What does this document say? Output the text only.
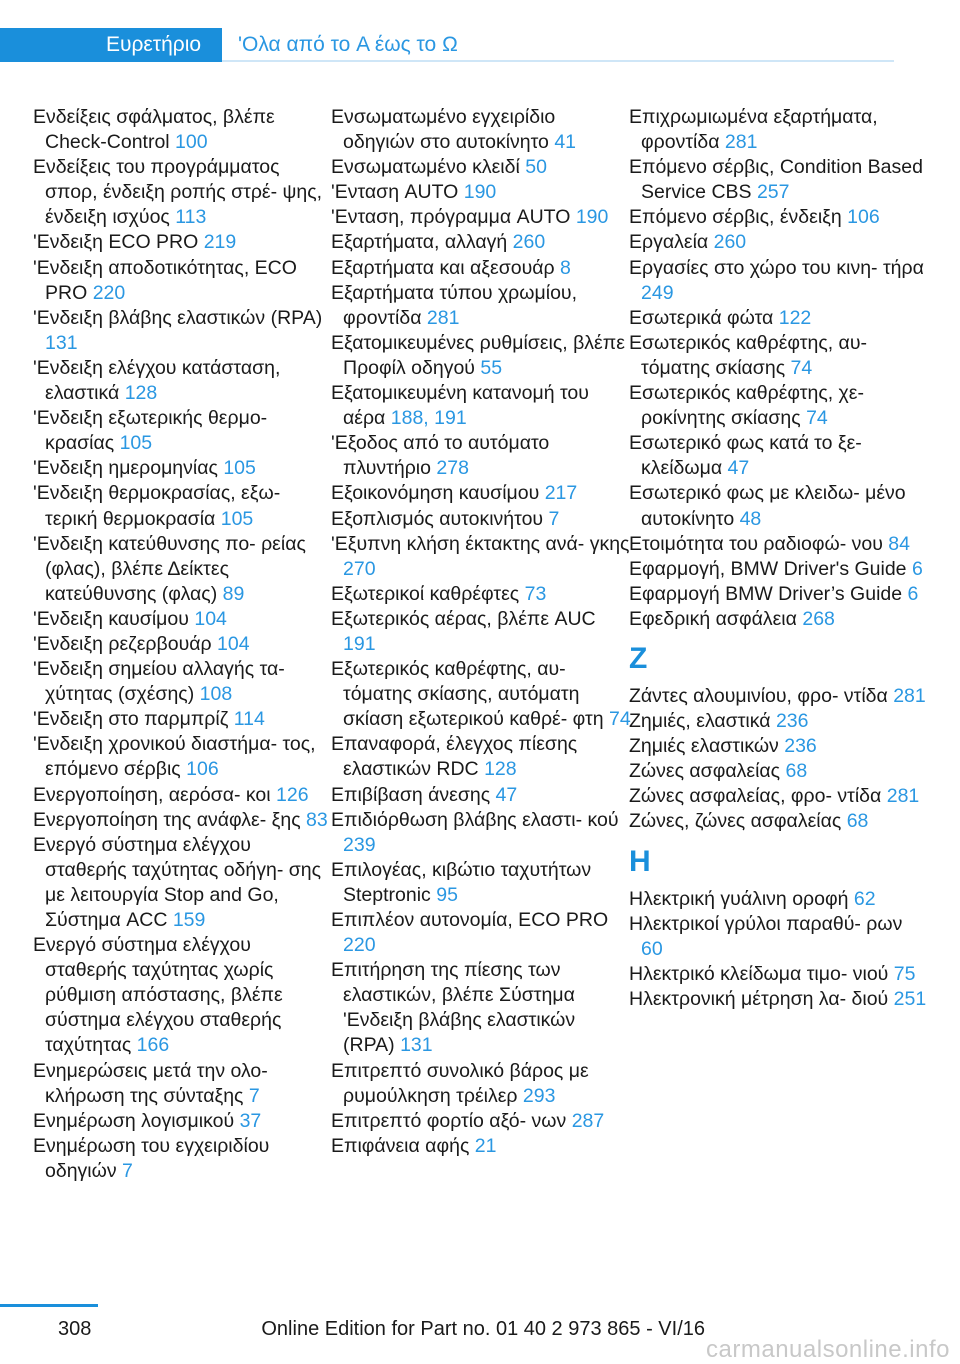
Ευρετήριο	'Ολα από το A έως το Ω
Ενδείξεις σφάλματος, βλέπε Check-Control 100
Ενδείξεις του προγράμματος σπορ, ένδειξη ροπής στρέ‐ ψης, ένδειξη ισχύος 113
'Ενδειξη ECO PRO 219
'Ενδειξη αποδοτικότητας, ECO PRO 220
'Ενδειξη βλάβης ελαστικών (RPA) 131
'Ενδειξη ελέγχου κατάσταση, ελαστικά 128
'Ενδειξη εξωτερικής θερμο‐ κρασίας 105
'Ενδειξη ημερομηνίας 105
'Ενδειξη θερμοκρασίας, εξω‐ τερική θερμοκρασία 105
'Ενδειξη κατεύθυνσης πο‐ ρείας (φλας), βλέπε Δείκτες κατεύθυνσης (φλας) 89
'Ενδειξη καυσίμου 104
'Ενδειξη ρεζερβουάρ 104
'Ενδειξη σημείου αλλαγής τα‐ χύτητας (σχέσης) 108
'Ενδειξη στο παρμπρίζ 114
'Ενδειξη χρονικού διαστήμα‐ τος, επόμενο σέρβις 106
Ενεργοποίηση, αερόσα‐ κοι 126
Ενεργοποίηση της ανάφλε‐ ξης 83
Ενεργό σύστημα ελέγχου σταθερής ταχύτητας οδήγη‐ σης με λειτουργία Stop and Go, Σύστημα ACC 159
Ενεργό σύστημα ελέγχου σταθερής ταχύτητας χωρίς ρύθμιση απόστασης, βλέπε σύστημα ελέγχου σταθερής ταχύτητας 166
Ενημερώσεις μετά την ολο‐ κλήρωση της σύνταξης 7
Ενημέρωση λογισμικού 37
Ενημέρωση του εγχειριδίου οδηγιών 7
Ενσωματωμένο εγχειρίδιο οδηγιών στο αυτοκίνητο 41
Ενσωματωμένο κλειδί 50
'Ενταση AUTO 190
'Ενταση, πρόγραμμα AUTO 190
Εξαρτήματα, αλλαγή 260
Εξαρτήματα και αξεσουάρ 8
Εξαρτήματα τύπου χρωμίου, φροντίδα 281
Εξατομικευμένες ρυθμίσεις, βλέπε Προφίλ οδηγού 55
Εξατομικευμένη κατανομή του αέρα 188, 191
'Εξοδος από το αυτόματο πλυντήριο 278
Εξοικονόμηση καυσίμου 217
Εξοπλισμός αυτοκινήτου 7
'Εξυπνη κλήση έκτακτης ανά‐ γκης 270
Εξωτερικοί καθρέφτες 73
Εξωτερικός αέρας, βλέπε AUC 191
Εξωτερικός καθρέφτης, αυ‐ τόματης σκίασης, αυτόματη σκίαση εξωτερικού καθρέ‐ φτη 74
Επαναφορά, έλεγχος πίεσης ελαστικών RDC 128
Επιβίβαση άνεσης 47
Επιδιόρθωση βλάβης ελαστι‐ κού 239
Επιλογέας, κιβώτιο ταχυτήτων Steptronic 95
Επιπλέον αυτονομία, ECO PRO 220
Επιτήρηση της πίεσης των ελαστικών, βλέπε Σύστημα 'Ενδειξη βλάβης ελαστικών (RPA) 131
Επιτρεπτό συνολικό βάρος με ρυμούλκηση τρέιλερ 293
Επιτρεπτό φορτίο αξό‐ νων 287
Επιφάνεια αφής 21
Επιχρωμιωμένα εξαρτήματα, φροντίδα 281
Επόμενο σέρβις, Condition Based Service CBS 257
Επόμενο σέρβις, ένδειξη 106
Εργαλεία 260
Εργασίες στο χώρο του κινη‐ τήρα 249
Εσωτερικά φώτα 122
Εσωτερικός καθρέφτης, αυ‐ τόματης σκίασης 74
Εσωτερικός καθρέφτης, χε‐ ροκίνητης σκίασης 74
Εσωτερικό φως κατά το ξε‐ κλείδωμα 47
Εσωτερικό φως με κλειδω‐ μένο αυτοκίνητο 48
Ετοιμότητα του ραδιοφώ‐ νου 84
Εφαρμογή, BMW Driver's Guide 6
Εφαρμογή BMW Driver’s Guide 6
Εφεδρική ασφάλεια 268
Z
Ζάντες αλουμινίου, φρο‐ ντίδα 281
Ζημιές, ελαστικά 236
Ζημιές ελαστικών 236
Ζώνες ασφαλείας 68
Ζώνες ασφαλείας, φρο‐ ντίδα 281
Ζώνες, ζώνες ασφαλείας 68
H
Ηλεκτρική γυάλινη οροφή 62
Ηλεκτρικοί γρύλοι παραθύ‐ ρων 60
Ηλεκτρικό κλείδωμα τιμο‐ νιού 75
Ηλεκτρονική μέτρηση λα‐ διού 251
308	Online Edition for Part no. 01 40 2 973 865 - VI/16
carmanualsonline.info
